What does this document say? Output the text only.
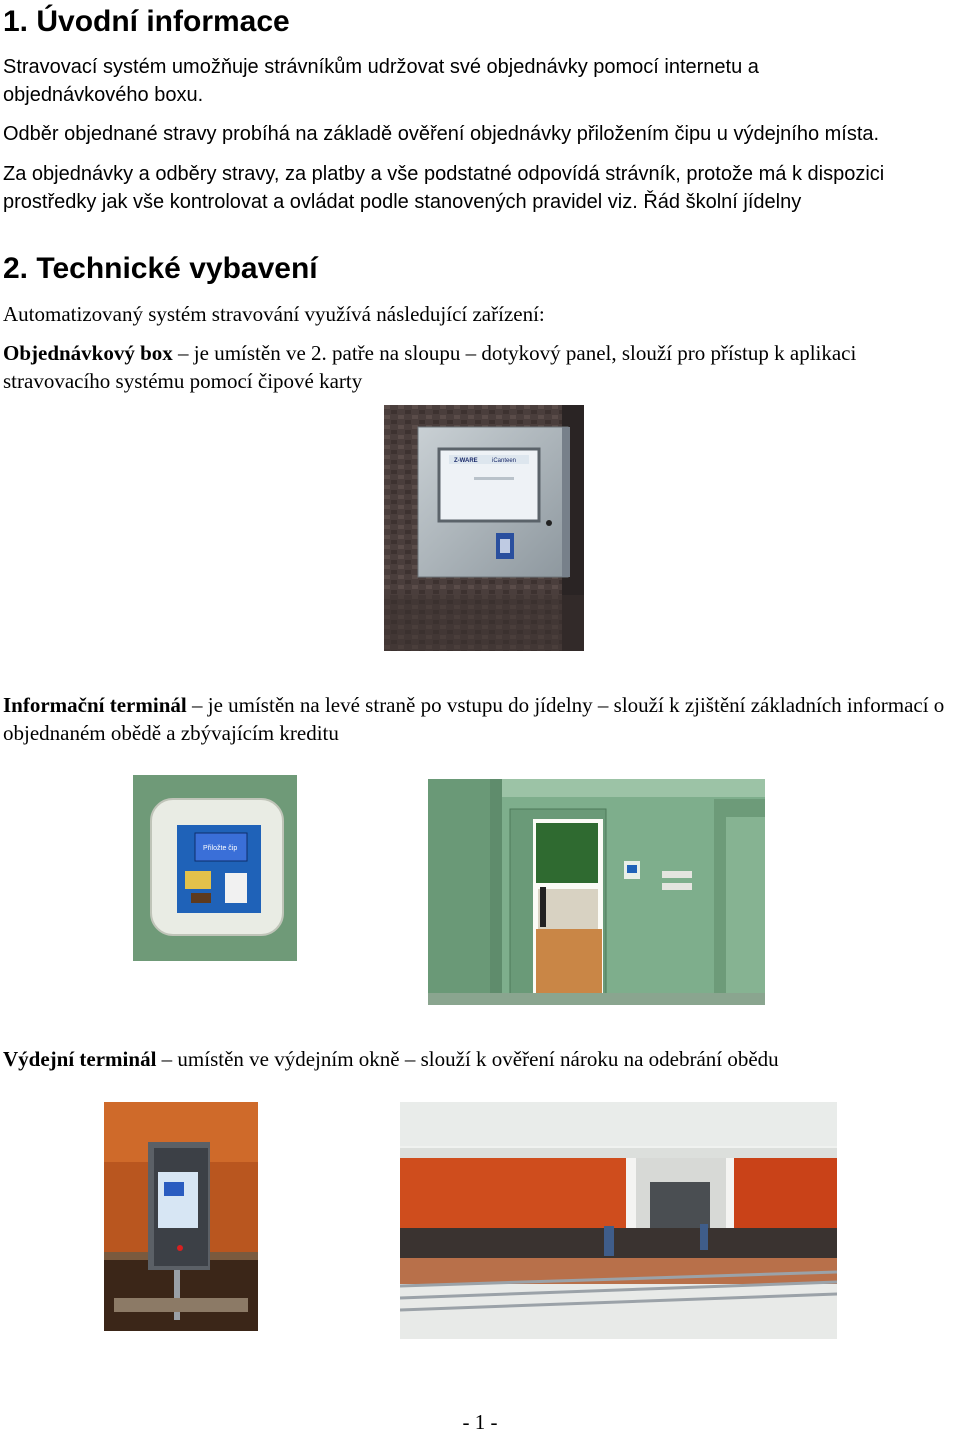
1. Úvodní informace

Stravovací systém umožňuje strávníkům udržovat své objednávky pomocí internetu a objednávkového boxu.

Odběr objednané stravy probíhá na základě ověření objednávky přiložením čipu u výdejního místa.

Za objednávky a odběry stravy, za platby a vše podstatné odpovídá strávník, protože má k dispozici prostředky jak vše kontrolovat a ovládat podle stanovených pravidel viz. Řád školní jídelny

2. Technické vybavení

Automatizovaný systém stravování využívá následující zařízení:

Objednávkový box – je umístěn ve 2. patře na sloupu – dotykový panel, slouží pro přístup k aplikaci stravovacího systému pomocí čipové karty

Z-WARE iCanteen

Informační terminál – je umístěn na levé straně po vstupu do jídelny – slouží k zjištění základních informací o objednaném obědě a zbývajícím kreditu

Přiložte čip

Výdejní terminál – umístěn ve výdejním okně – slouží k ověření nároku na odebrání obědu

- 1 -
